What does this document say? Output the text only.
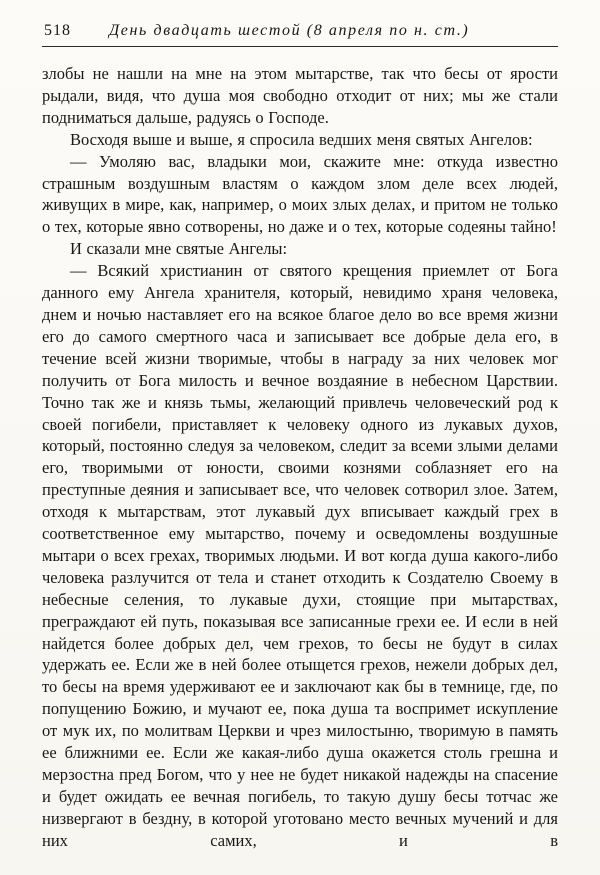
518 День двадцать шестой (8 апреля по н. ст.)

злобы не нашли на мне на этом мытарстве, так что бесы от ярости рыдали, видя, что душа моя свободно отходит от них; мы же стали подниматься дальше, радуясь о Господе.

Восходя выше и выше, я спросила ведших меня святых Ангелов:

— Умоляю вас, владыки мои, скажите мне: откуда известно страшным воздушным властям о каждом злом деле всех людей, живущих в мире, как, например, о моих злых делах, и притом не только о тех, которые явно сотворены, но даже и о тех, которые содеяны тайно!

И сказали мне святые Ангелы:

— Всякий христианин от святого крещения приемлет от Бога данного ему Ангела хранителя, который, невидимо храня человека, днем и ночью наставляет его на всякое благое дело во все время жизни его до самого смертного часа и записывает все добрые дела его, в течение всей жизни творимые, чтобы в награду за них человек мог получить от Бога милость и вечное воздаяние в небесном Царствии. Точно так же и князь тьмы, желающий привлечь человеческий род к своей погибели, приставляет к человеку одного из лукавых духов, который, постоянно следуя за человеком, следит за всеми злыми делами его, творимыми от юности, своими кознями соблазняет его на преступные деяния и записывает все, что человек сотворил злое. Затем, отходя к мытарствам, этот лукавый дух вписывает каждый грех в соответственное ему мытарство, почему и осведомлены воздушные мытари о всех грехах, творимых людьми. И вот когда душа какого-либо человека разлучится от тела и станет отходить к Создателю Своему в небесные селения, то лукавые духи, стоящие при мытарствах, преграждают ей путь, показывая все записанные грехи ее. И если в ней найдется более добрых дел, чем грехов, то бесы не будут в силах удержать ее. Если же в ней более отыщется грехов, нежели добрых дел, то бесы на время удерживают ее и заключают как бы в темнице, где, по попущению Божию, и мучают ее, пока душа та воспримет искупление от мук их, по молитвам Церкви и чрез милостыню, творимую в память ее ближними ее. Если же какая-либо душа окажется столь грешна и мерзостна пред Богом, что у нее не будет никакой надежды на спасение и будет ожидать ее вечная погибель, то такую душу бесы тотчас же низвергают в бездну, в которой уготовано место вечных мучений и для них самих, и в
